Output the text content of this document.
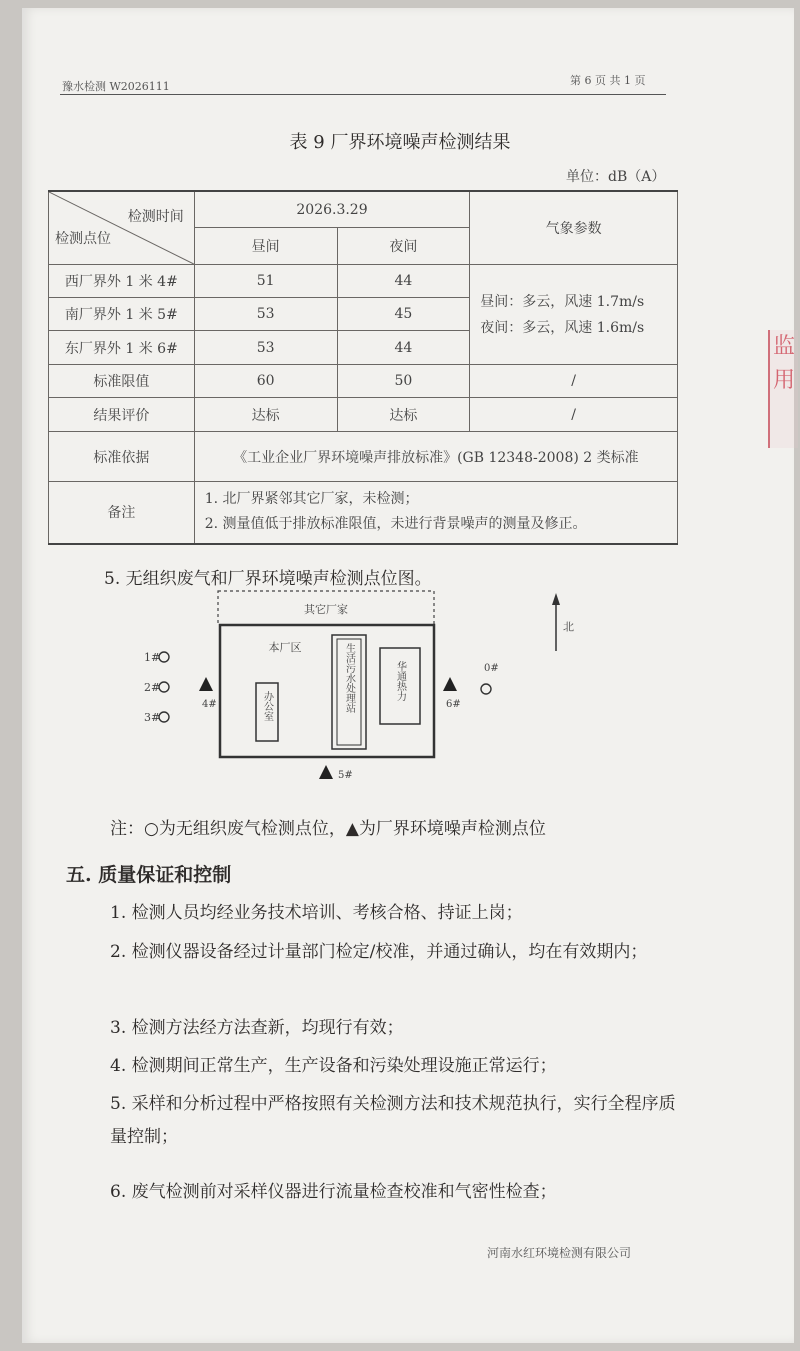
豫水检测 W2026111	第 6 页 共 1 页
表 9 厂界环境噪声检测结果
单位：dB（A）
检测时间
检测点位	2026.3.29		气象参数
	昼间	夜间	
西厂界外 1 米 4#	51	44	昼间：多云，风速 1.7m/s
夜间：多云，风速 1.6m/s

南厂界外 1 米 5#	53	45	
东厂界外 1 米 6#	53	44	
标准限值	60	50	/
结果评价	达标	达标	/
标准依据	《工业企业厂界环境噪声排放标准》(GB 12348-2008) 2 类标准		
备注	1. 北厂界紧邻其它厂家，未检测；
2. 测量值低于排放标准限值，未进行背景噪声的测量及修正。		
5. 无组织废气和厂界环境噪声检测点位图。
其它厂家
本厂区
办公室	生活污水处理站	华通热力
北
1#
2#
3#
4#
5#
6#
0#
注：○为无组织废气检测点位，▲为厂界环境噪声检测点位
五. 质量保证和控制
1. 检测人员均经业务技术培训、考核合格、持证上岗；
2. 检测仪器设备经过计量部门检定/校准，并通过确认，均在有效期内；
3. 检测方法经方法查新，均现行有效；
4. 检测期间正常生产，生产设备和污染处理设施正常运行；
5. 采样和分析过程中严格按照有关检测方法和技术规范执行，实行全程序质量控制；
6. 废气检测前对采样仪器进行流量检查校准和气密性检查；
河南水红环境检测有限公司
监用
